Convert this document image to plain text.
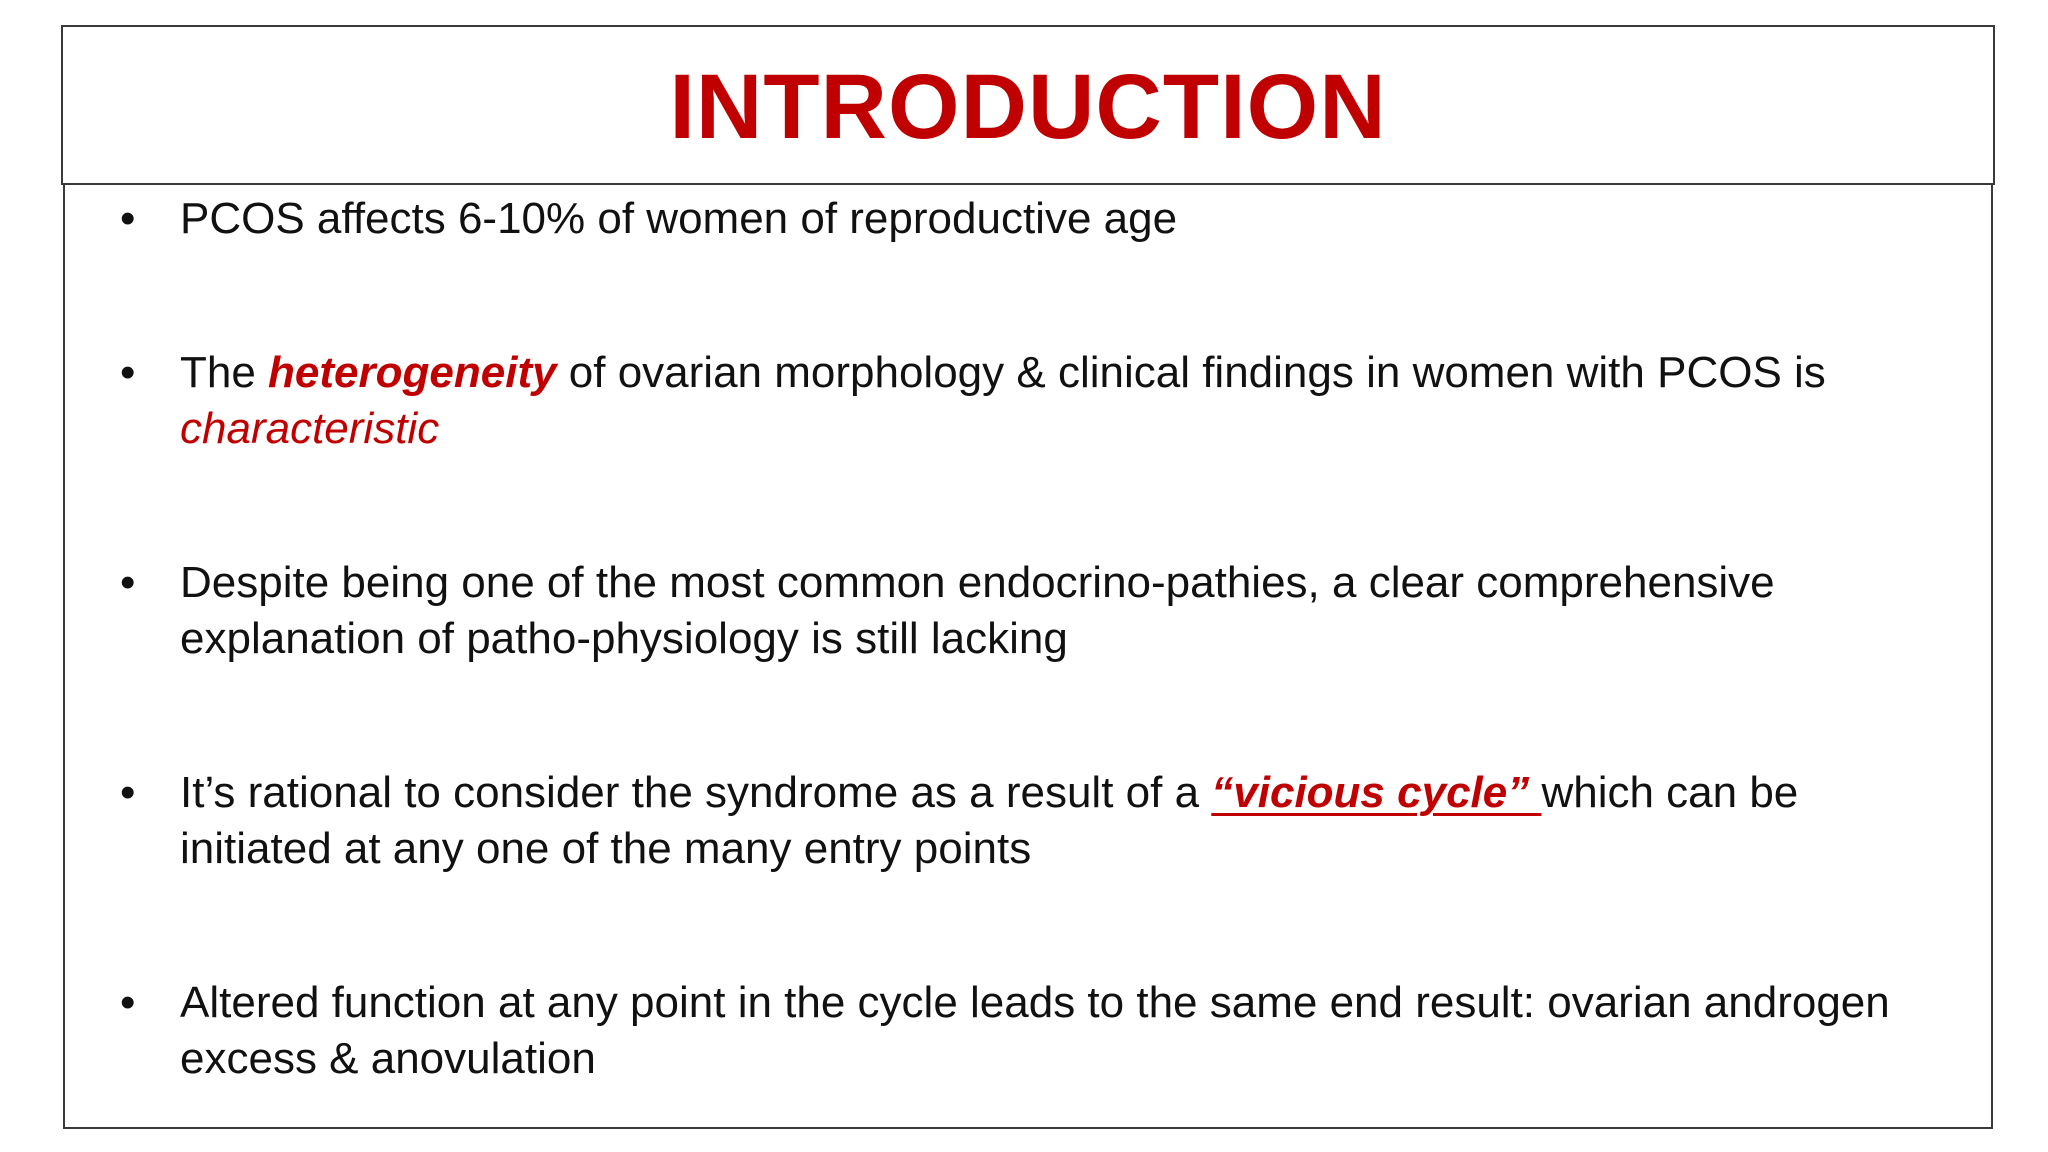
INTRODUCTION
•	PCOS affects 6-10% of women of reproductive age
•	The heterogeneity of ovarian morphology & clinical findings in women with PCOS is characteristic
•	Despite being one of the most common endocrino-pathies, a clear comprehensive explanation of patho-physiology is still lacking
•	It’s rational to consider the syndrome as a result of a “vicious cycle” which can be initiated at any one of the many entry points
•	Altered function at any point in the cycle leads to the same end result: ovarian androgen excess & anovulation
